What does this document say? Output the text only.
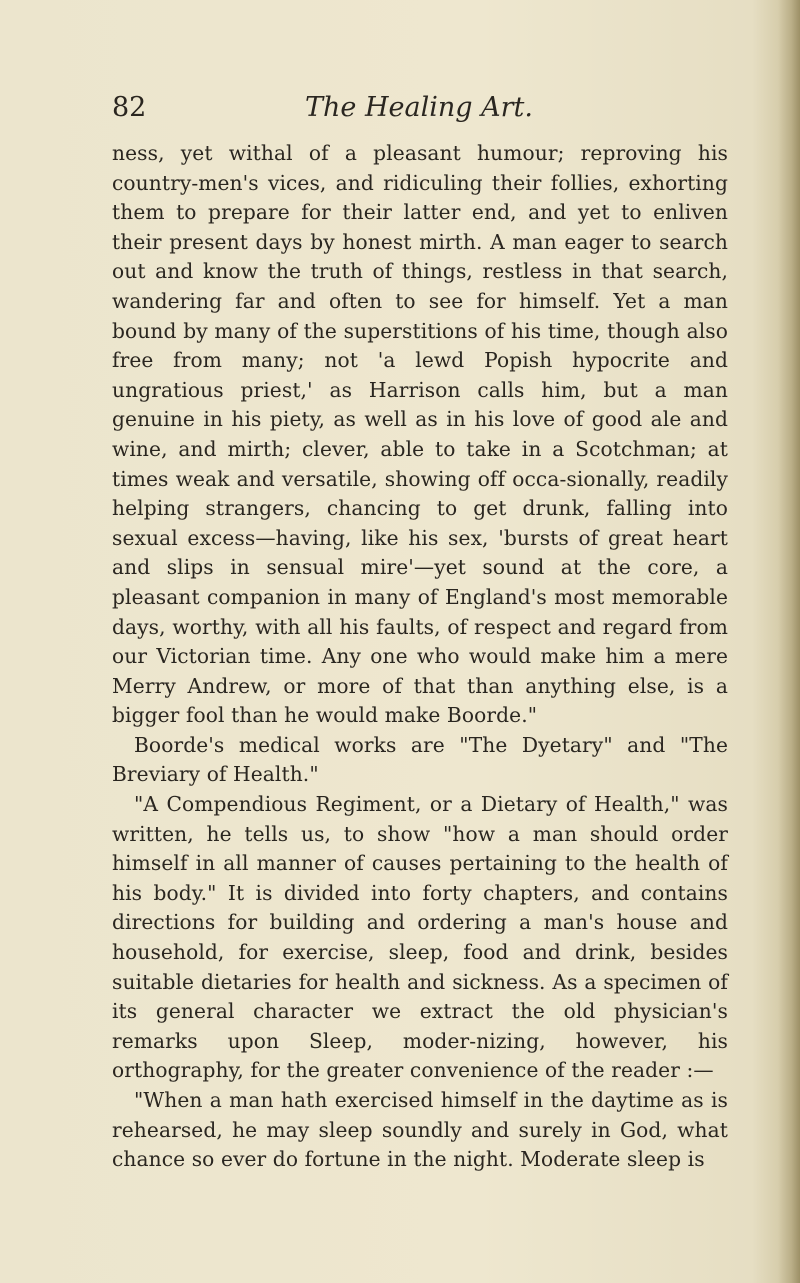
82	The Healing Art.

ness, yet withal of a pleasant humour; reproving his country-men's vices, and ridiculing their follies, exhorting them to prepare for their latter end, and yet to enliven their present days by honest mirth. A man eager to search out and know the truth of things, restless in that search, wandering far and often to see for himself. Yet a man bound by many of the superstitions of his time, though also free from many; not 'a lewd Popish hypocrite and ungratious priest,' as Harrison calls him, but a man genuine in his piety, as well as in his love of good ale and wine, and mirth; clever, able to take in a Scotchman; at times weak and versatile, showing off occa-sionally, readily helping strangers, chancing to get drunk, falling into sexual excess—having, like his sex, 'bursts of great heart and slips in sensual mire'—yet sound at the core, a pleasant companion in many of England's most memorable days, worthy, with all his faults, of respect and regard from our Victorian time. Any one who would make him a mere Merry Andrew, or more of that than anything else, is a bigger fool than he would make Boorde."

Boorde's medical works are "The Dyetary" and "The Breviary of Health."

"A Compendious Regiment, or a Dietary of Health," was written, he tells us, to show "how a man should order himself in all manner of causes pertaining to the health of his body." It is divided into forty chapters, and contains directions for building and ordering a man's house and household, for exercise, sleep, food and drink, besides suitable dietaries for health and sickness. As a specimen of its general character we extract the old physician's remarks upon Sleep, moder-nizing, however, his orthography, for the greater convenience of the reader :—

"When a man hath exercised himself in the daytime as is rehearsed, he may sleep soundly and surely in God, what chance so ever do fortune in the night. Moderate sleep is
